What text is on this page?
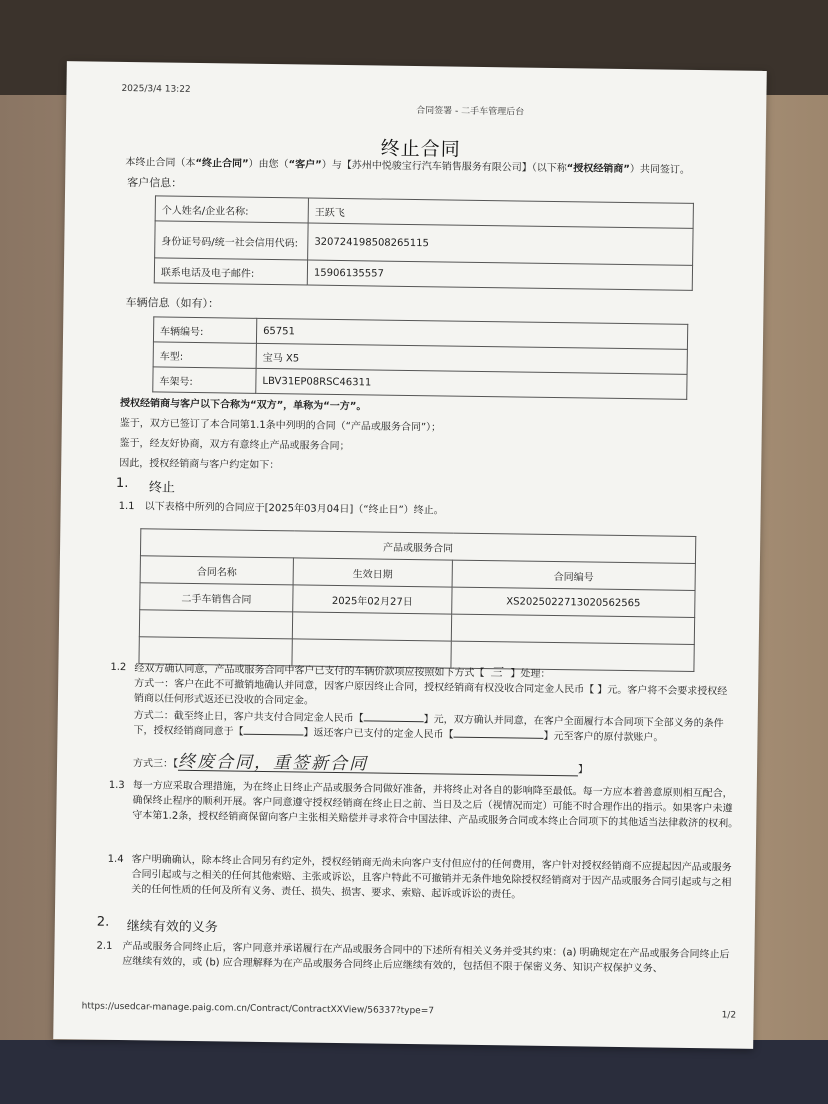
2025/3/4 13:22
合同签署 - 二手车管理后台
终止合同
本终止合同（本“终止合同”）由您（“客户”）与【苏州中悦骏宝行汽车销售服务有限公司】（以下称“授权经销商”）共同签订。
客户信息：
个人姓名/企业名称:	王跃飞
身份证号码/统一社会信用代码:	320724198508265115
联系电话及电子邮件:	15906135557
车辆信息（如有）：
车辆编号:	65751
车型:	宝马 X5
车架号:	LBV31EP08RSC46311
授权经销商与客户以下合称为“双方”，单称为“一方”。
鉴于，双方已签订了本合同第1.1条中列明的合同（“产品或服务合同”）；
鉴于，经友好协商，双方有意终止产品或服务合同；
因此，授权经销商与客户约定如下：
1. 终止
1.1 以下表格中所列的合同应于[2025年03月04日]（“终止日”）终止。
产品或服务合同		
合同名称	生效日期	合同编号
二手车销售合同	2025年02月27日	XS20250227130205625​65

1.2 经双方确认同意，产品或服务合同中客户已支付的车辆价款项应按照如下方式【 三 】处理：
方式一：客户在此不可撤销地确认并同意，因客户原因终止合同，授权经销商有权没收合同定金人民币【 】元。客户将不会要求授权经销商以任何形式返还已没收的合同定金。
方式二：截至终止日，客户共支付合同定金人民币【	】元，双方确认并同意，在客户全面履行本合同项下全部义务的条件下，授权经销商同意于【	】返还客户已支付的定金人民币【	】元至客户的原付款账户。
方式三：【终废合同，重签新合同	】
1.3 每一方应采取合理措施，为在终止日终止产品或服务合同做好准备，并将终止对各自的影响降至最低。每一方应本着善意原则相互配合，确保终止程序的顺利开展。客户同意遵守授权经销商在终止日之前、当日及之后（视情况而定）可能不时合理作出的指示。如果客户未遵守本第1.2条，授权经销商保留向客户主张相关赔偿并寻求符合中国法律、产品或服务合同或本终止合同项下的其他适当法律救济的权利。
1.4 客户明确确认，除本终止合同另有约定外，授权经销商无尚未向客户支付但应付的任何费用，客户针对授权经销商不应提起因产品或服务合同引起或与之相关的任何其他索赔、主张或诉讼，且客户特此不可撤销并无条件地免除授权经销商对于因产品或服务合同引起或与之相关的任何性质的任何及所有义务、责任、损失、损害、要求、索赔、起诉或诉讼的责任。
2. 继续有效的义务
2.1 产品或服务合同终止后，客户同意并承诺履行在产品或服务合同中的下述所有相关义务并受其约束：(a) 明确规定在产品或服务合同终止后应继续有效的，或 (b) 应合理解释为在产品或服务合同终止后应继续有效的，包括但不限于保密义务、知识产权保护义务、
https://usedcar-manage.paig.com.cn/Contract/ContractXXView/56337?type=7	1/2
